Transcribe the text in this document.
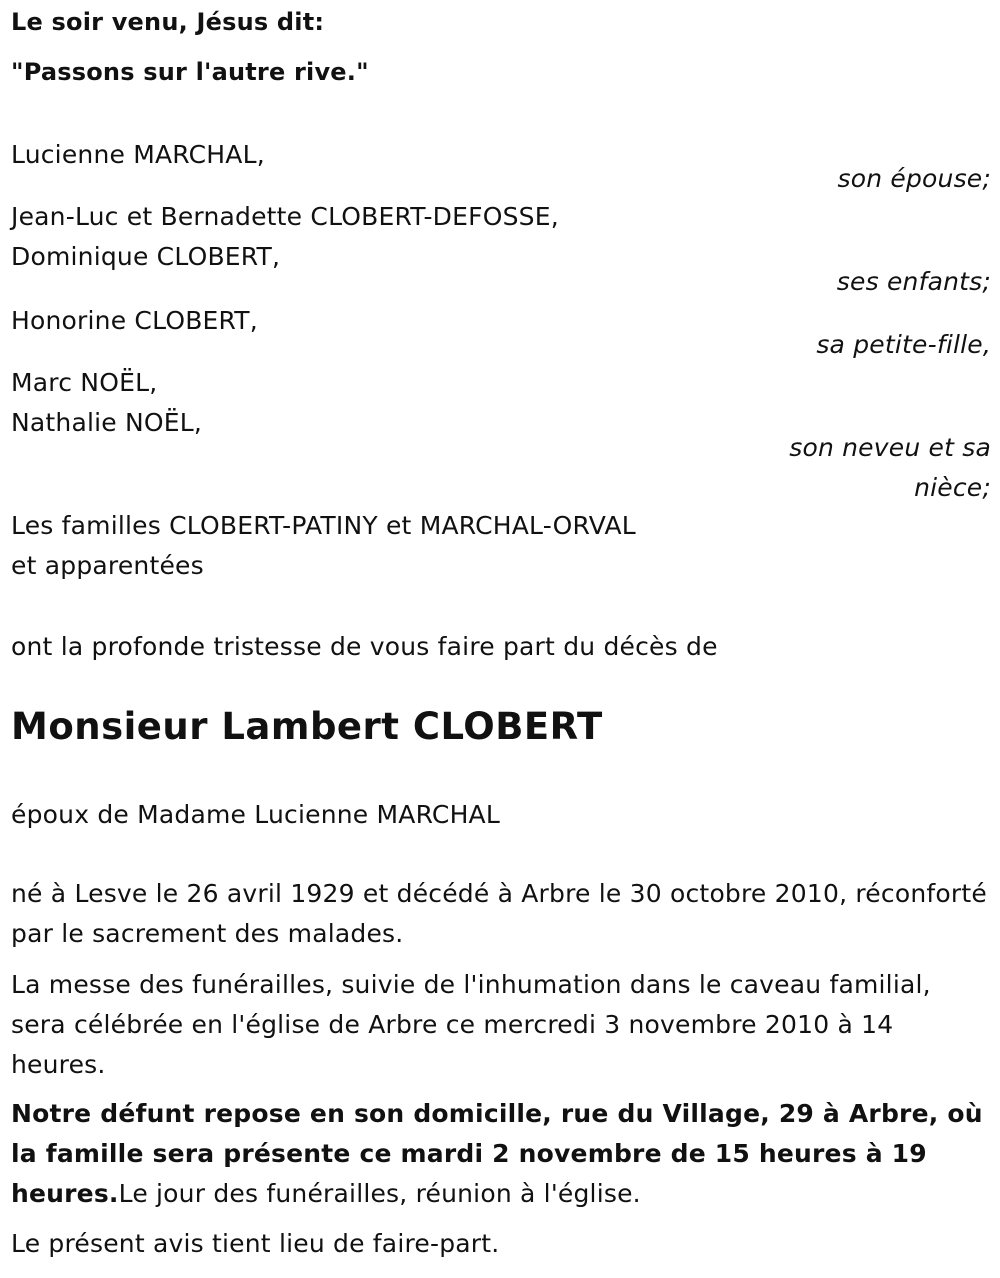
Le soir venu, Jésus dit:

"Passons sur l'autre rive."

Lucienne MARCHAL,

son épouse;

Jean-Luc et Bernadette CLOBERT-DEFOSSE,

Dominique CLOBERT,

ses enfants;

Honorine CLOBERT,

sa petite-fille,

Marc NOËL,

Nathalie NOËL,

son neveu et sa

nièce;

Les familles CLOBERT-PATINY et MARCHAL-ORVAL

et apparentées

ont la profonde tristesse de vous faire part du décès de

Monsieur Lambert CLOBERT

époux de Madame Lucienne MARCHAL

né à Lesve le 26 avril 1929 et décédé à Arbre le 30 octobre 2010, réconforté par le sacrement des malades.

La messe des funérailles, suivie de l'inhumation dans le caveau familial, sera célébrée en l'église de Arbre ce mercredi 3 novembre 2010 à 14 heures.

Notre défunt repose en son domicille, rue du Village, 29 à Arbre, où la famille sera présente ce mardi 2 novembre de 15 heures à 19 heures.Le jour des funérailles, réunion à l'église.

Le présent avis tient lieu de faire-part.
